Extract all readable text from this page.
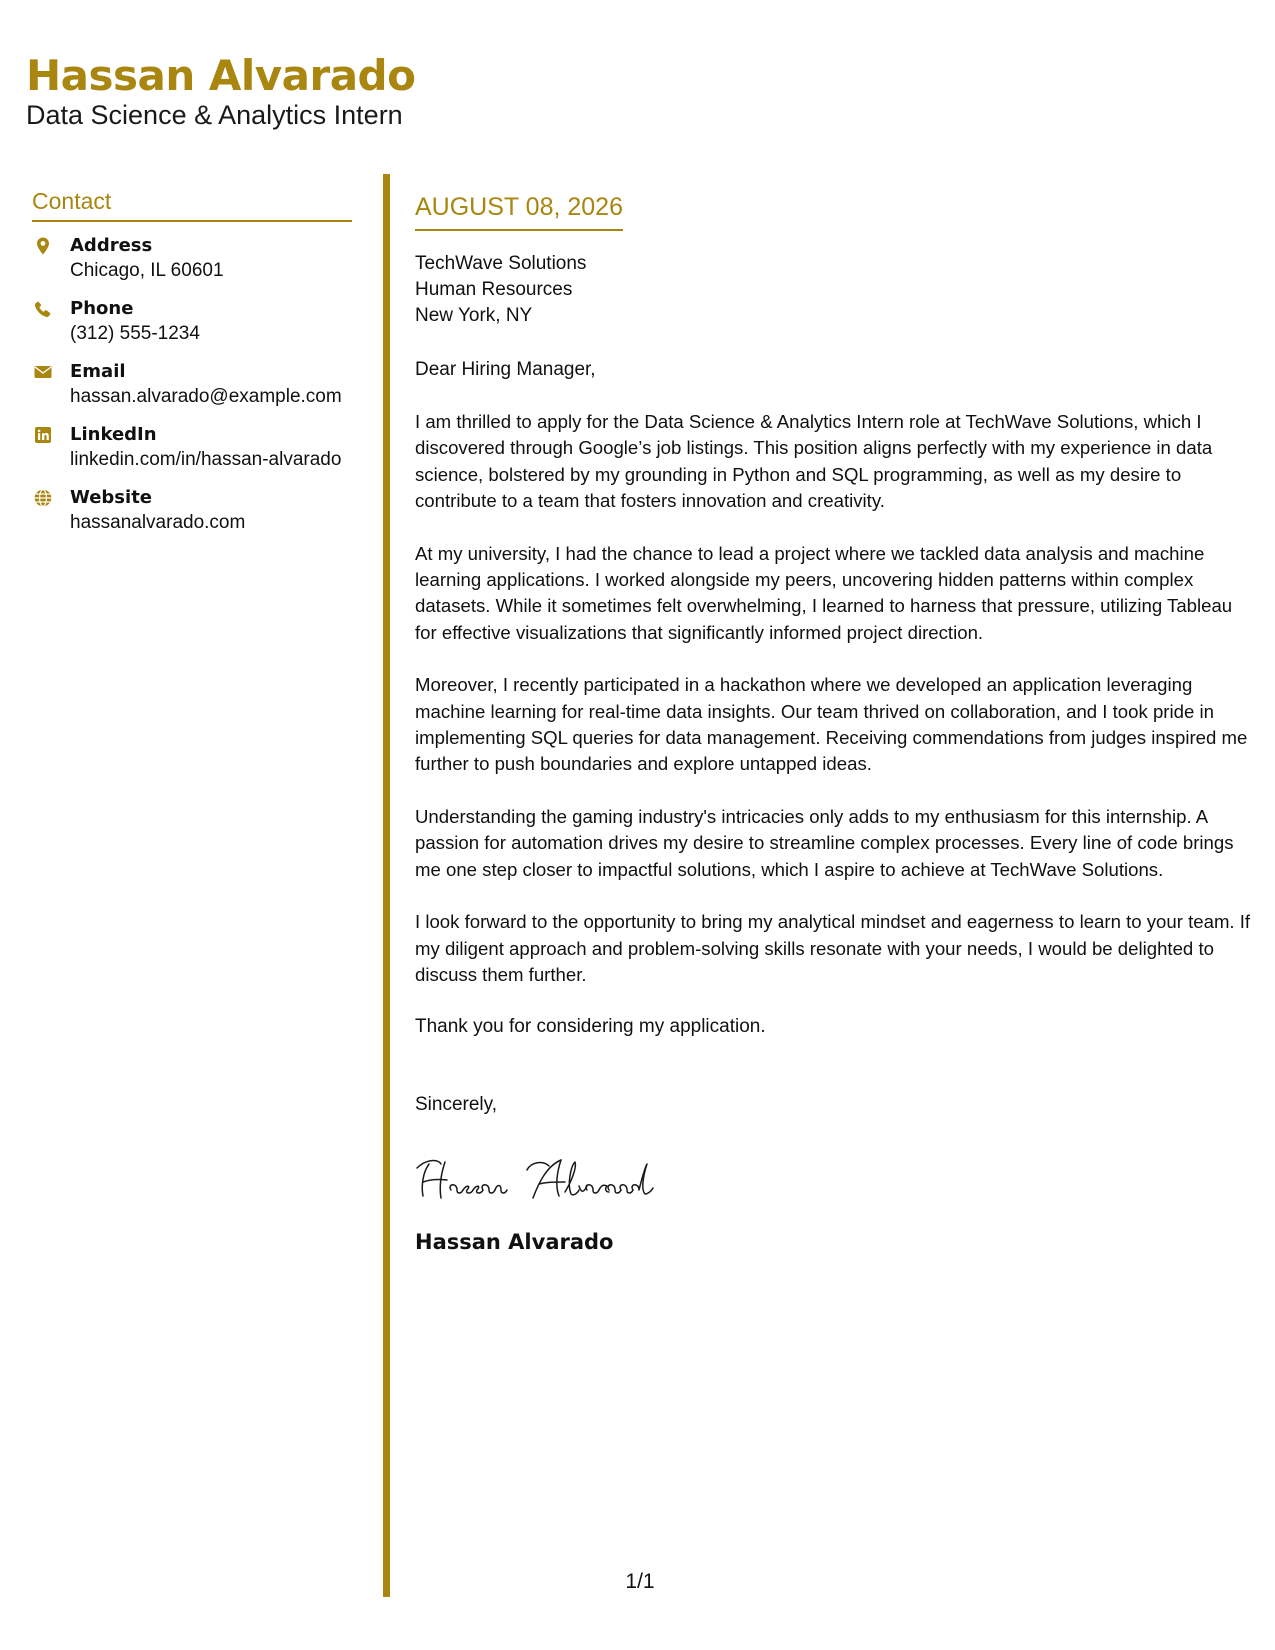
Hassan Alvarado
Data Science & Analytics Intern
Contact
Address
Chicago, IL 60601
Phone
(312) 555-1234
Email
hassan.alvarado@example.com
LinkedIn
linkedin.com/in/hassan-alvarado
Website
hassanalvarado.com
AUGUST 08, 2026
TechWave Solutions
Human Resources
New York, NY
Dear Hiring Manager,
I am thrilled to apply for the Data Science & Analytics Intern role at TechWave Solutions, which I discovered through Google’s job listings. This position aligns perfectly with my experience in data science, bolstered by my grounding in Python and SQL programming, as well as my desire to contribute to a team that fosters innovation and creativity.
At my university, I had the chance to lead a project where we tackled data analysis and machine learning applications. I worked alongside my peers, uncovering hidden patterns within complex datasets. While it sometimes felt overwhelming, I learned to harness that pressure, utilizing Tableau for effective visualizations that significantly informed project direction.
Moreover, I recently participated in a hackathon where we developed an application leveraging machine learning for real-time data insights. Our team thrived on collaboration, and I took pride in implementing SQL queries for data management. Receiving commendations from judges inspired me further to push boundaries and explore untapped ideas.
Understanding the gaming industry's intricacies only adds to my enthusiasm for this internship. A passion for automation drives my desire to streamline complex processes. Every line of code brings me one step closer to impactful solutions, which I aspire to achieve at TechWave Solutions.
I look forward to the opportunity to bring my analytical mindset and eagerness to learn to your team. If my diligent approach and problem-solving skills resonate with your needs, I would be delighted to discuss them further.
Thank you for considering my application.
Sincerely,
Hassan Alvarado
1/1
